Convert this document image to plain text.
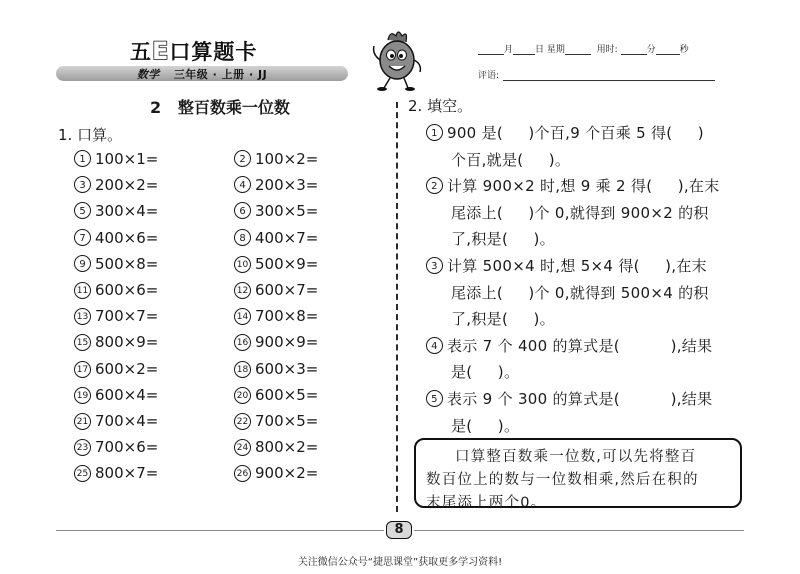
五E口算题卡
数学 三年级 · 上册 · JJ
月 日 星期	用时:	分	秒
评语:
2   整百数乘一位数
1. 口算。
1 100×1=	2 100×2=
3 200×2=	4 200×3=
5 300×4=	6 300×5=
7 400×6=	8 400×7=
9 500×8=	10 500×9=
11 600×6=	12 600×7=
13 700×7=	14 700×8=
15 800×9=	16 900×9=
17 600×2=	18 600×3=
19 600×4=	20 600×5=
21 700×4=	22 700×5=
23 700×6=	24 800×2=
25 800×7=	26 900×2=
2. 填空。
1 900 是(     )个百,9 个百乘 5 得(     )
个百,就是(     )。
2 计算 900×2 时,想 9 乘 2 得(     ),在末
尾添上(     )个 0,就得到 900×2 的积
了,积是(     )。
3 计算 500×4 时,想 5×4 得(     ),在末
尾添上(     )个 0,就得到 500×4 的积
了,积是(     )。
4 表示 7 个 400 的算式是(          ),结果
是(     )。
5 表示 9 个 300 的算式是(          ),结果
是(     )。

口算整百数乘一位数,可以先将整百

数百位上的数与一位数相乘,然后在积的
末尾添上两个0。
8
关注微信公众号“捷思课堂”获取更多学习资料!
